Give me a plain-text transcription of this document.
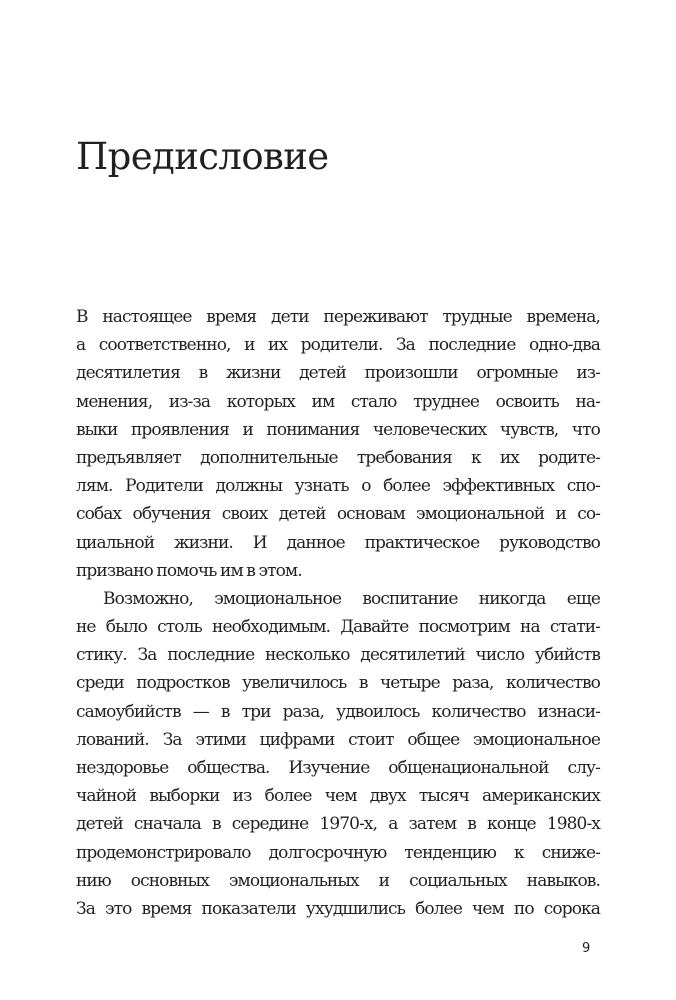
Предисловие
В настоящее время дети переживают трудные времена,
а соответственно, и их родители. За последние одно-два
десятилетия в жизни детей произошли огромные из-
менения, из-за которых им стало труднее освоить на-
выки проявления и понимания человеческих чувств, что
предъявляет дополнительные требования к их родите-
лям. Родители должны узнать о более эффективных спо-
собах обучения своих детей основам эмоциональной и со-
циальной жизни. И данное практическое руководство
призвано помочь им в этом.
Возможно, эмоциональное воспитание никогда еще
не было столь необходимым. Давайте посмотрим на стати-
стику. За последние несколько десятилетий число убийств
среди подростков увеличилось в четыре раза, количество
самоубийств — в три раза, удвоилось количество изнаси-
лований. За этими цифрами стоит общее эмоциональное
нездоровье общества. Изучение общенациональной слу-
чайной выборки из более чем двух тысяч американских
детей сначала в середине 1970-х, а затем в конце 1980-х
продемонстрировало долгосрочную тенденцию к сниже-
нию основных эмоциональных и социальных навыков.
За это время показатели ухудшились более чем по сорока
9
